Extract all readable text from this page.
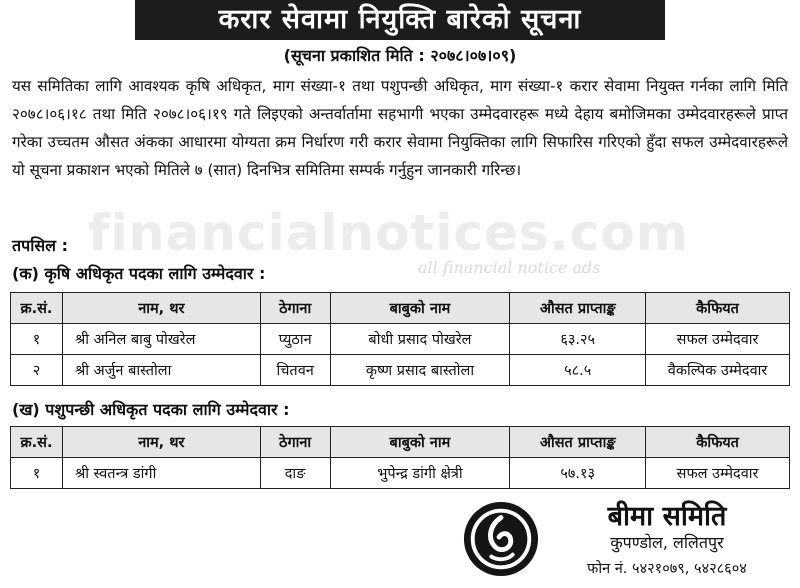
करार सेवामा नियुक्ति बारेको सूचना
(सूचना प्रकाशित मिति : २०७८।०७।०९)

यस समितिका लागि आवश्यक कृषि अधिकृत, माग संख्या-१ तथा पशुपन्छी अधिकृत, माग संख्या-१ करार सेवामा नियुक्त गर्नका लागि मिति २०७८।०६।१८ तथा मिति २०७८।०६।१९ गते लिइएको अन्तर्वार्तामा सहभागी भएका उम्मेदवारहरू मध्ये देहाय बमोजिमका उम्मेदवारहरूले प्राप्त गरेका उच्चतम औसत अंकका आधारमा योग्यता क्रम निर्धारण गरी करार सेवामा नियुक्तिका लागि सिफारिस गरिएको हुँदा सफल उम्मेदवारहरूले यो सूचना प्रकाशन भएको मितिले ७ (सात) दिनभित्र समितिमा सम्पर्क गर्नुहुन जानकारी गरिन्छ।

financialnotices.com
all financial notice ads
तपसिल :
(क) कृषि अधिकृत पदका लागि उम्मेदवार :
क्र.सं.	नाम, थर	ठेगाना	बाबुको नाम	औसत प्राप्ताङ्क	कैफियत
१	श्री अनिल बाबु पोखरेल	प्युठान	बोधी प्रसाद पोखरेल	६३.२५	सफल उम्मेदवार
२	श्री अर्जुन बास्तोला	चितवन	कृष्ण प्रसाद बास्तोला	५८.५	वैकल्पिक उम्मेदवार
(ख) पशुपन्छी अधिकृत पदका लागि उम्मेदवार :
क्र.सं.	नाम, थर	ठेगाना	बाबुको नाम	औसत प्राप्ताङ्क	कैफियत
१	श्री स्वतन्त्र डांगी	दाङ	भुपेन्द्र डांगी क्षेत्री	५७.१३	सफल उम्मेदवार
बीमा समिति
कुपण्डोल, ललितपुर
फोन नं. ५४२१०७९, ५४२८६०४
